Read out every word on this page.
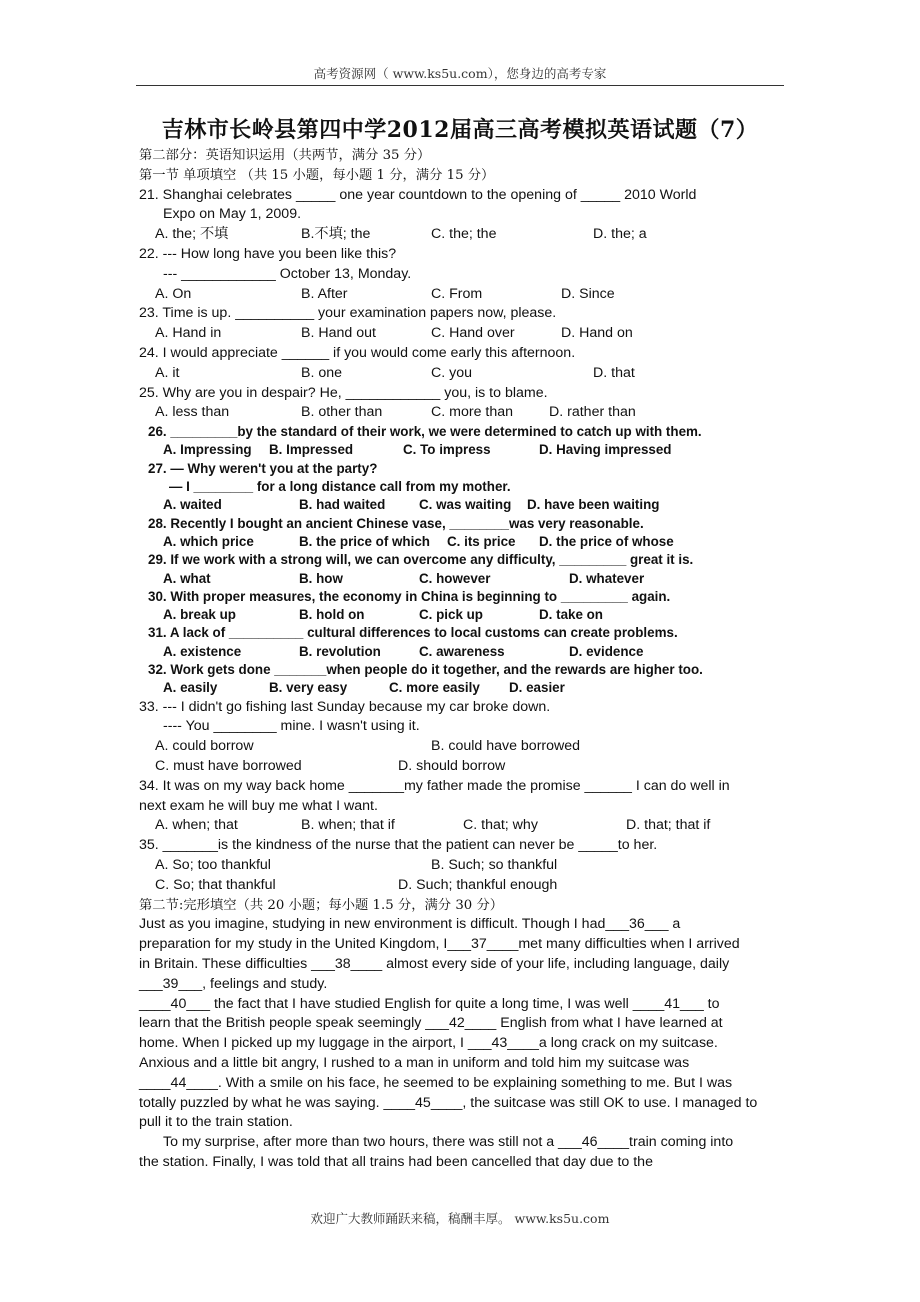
高考资源网（ www.ks5u.com），您身边的高考专家
吉林市长岭县第四中学2012届高三高考模拟英语试题（7）
第二部分：英语知识运用（共两节，满分 35 分）
第一节 单项填空 （共 15 小题，每小题 1 分，满分 15 分）
21. Shanghai celebrates _____ one year countdown to the opening of _____ 2010 World
Expo on May 1, 2009.
A. the; 不填	B.不填; the	C. the; the	D. the; a
22. --- How long have you been like this?
--- ____________ October 13, Monday.
A. On	B. After	C. From	D. Since
23. Time is up. __________ your examination papers now, please.
A. Hand in	B. Hand out	C. Hand over	D. Hand on
24. I would appreciate ______ if you would come early this afternoon.
A. it	B. one	C. you	D. that
25. Why are you in despair? He, ____________ you, is to blame.
A. less than	B. other than	C. more than	D. rather than
26. _________by the standard of their work, we were determined to catch up with them.
A. Impressing B. Impressed	C. To impress	D. Having impressed
27. — Why weren't you at the party?
— I ________ for a long distance call from my mother.
A. waited	B. had waited	C. was waiting D. have been waiting
28. Recently I bought an ancient Chinese vase, ________was very reasonable.
A. which price	B. the price of which C. its price D. the price of whose
29. If we work with a strong will, we can overcome any difficulty, _________ great it is.
A. what	B. how	C. however	D. whatever
30. With proper measures, the economy in China is beginning to _________ again.
A. break up	B. hold on	C. pick up	D. take on
31. A lack of __________ cultural differences to local customs can create problems.
A. existence	B. revolution	C. awareness	D. evidence
32. Work gets done _______when people do it together, and the rewards are higher too.
A. easily	B. very easy	C. more easily D. easier
33. --- I didn't go fishing last Sunday because my car broke down.
---- You ________ mine. I wasn't using it.
A. could borrow	B. could have borrowed
C. must have borrowed	D. should borrow
34. It was on my way back home _______my father made the promise ______ I can do well in
next exam he will buy me what I want.
A. when; that	B. when; that if	C. that; why	D. that; that if
35. _______is the kindness of the nurse that the patient can never be _____to her.
A. So; too thankful	B. Such; so thankful
C. So; that thankful	D. Such; thankful enough
第二节:完形填空（共 20 小题；每小题 1.5 分，满分 30 分）
Just as you imagine, studying in new environment is difficult. Though I had___36___ a
preparation for my study in the United Kingdom, I___37____met many difficulties when I arrived
in Britain. These difficulties ___38____ almost every side of your life, including language, daily
___39___, feelings and study.
____40___ the fact that I have studied English for quite a long time, I was well ____41___ to
learn that the British people speak seemingly ___42____ English from what I have learned at
home. When I picked up my luggage in the airport, I ___43____a long crack on my suitcase.
Anxious and a little bit angry, I rushed to a man in uniform and told him my suitcase was
____44____. With a smile on his face, he seemed to be explaining something to me. But I was
totally puzzled by what he was saying. ____45____, the suitcase was still OK to use. I managed to
pull it to the train station.
To my surprise, after more than two hours, there was still not a ___46____train coming into
the station. Finally, I was told that all trains had been cancelled that day due to the
欢迎广大教师踊跃来稿，稿酬丰厚。 www.ks5u.com
